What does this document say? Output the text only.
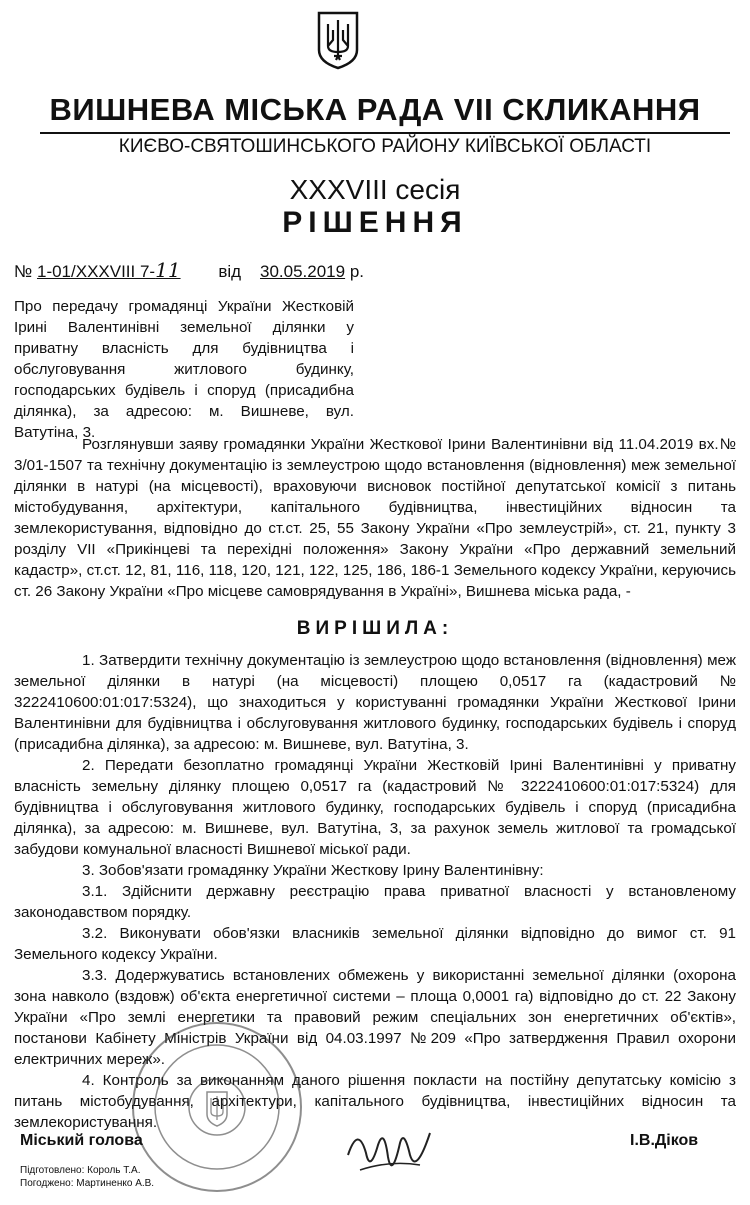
ВИШНЕВА МІСЬКА РАДА VII СКЛИКАННЯ
КИЄВО-СВЯТОШИНСЬКОГО РАЙОНУ КИЇВСЬКОЇ ОБЛАСТІ
XXXVIII сесія
РІШЕННЯ
№ 1-01/XXXVIII 7-11 від 30.05.2019 р.
Про передачу громадянці України Жестковій Ірині Валентинівні земельної ділянки у приватну власність для будівництва і обслуговування житлового будинку, господарських будівель і споруд (присадибна ділянка), за адресою: м. Вишневе, вул. Ватутіна, 3.

Розглянувши заяву громадянки України Жесткової Ірини Валентинівни від 11.04.2019 вх.№ 3/01-1507 та технічну документацію із землеустрою щодо встановлення (відновлення) меж земельної ділянки в натурі (на місцевості), враховуючи висновок постійної депутатської комісії з питань містобудування, архітектури, капітального будівництва, інвестиційних відносин та землекористування, відповідно до ст.ст. 25, 55 Закону України «Про землеустрій», ст. 21, пункту 3 розділу VII «Прикінцеві та перехідні положення» Закону України «Про державний земельний кадастр», ст.ст. 12, 81, 116, 118, 120, 121, 122, 125, 186, 186-1 Земельного кодексу України, керуючись ст. 26 Закону України «Про місцеве самоврядування в Україні», Вишнева міська рада, -

ВИРІШИЛА:

1. Затвердити технічну документацію із землеустрою щодо встановлення (відновлення) меж земельної ділянки в натурі (на місцевості) площею 0,0517 га (кадастровий № 3222410600:01:017:5324), що знаходиться у користуванні громадянки України Жесткової Ірини Валентинівни для будівництва і обслуговування житлового будинку, господарських будівель і споруд (присадибна ділянка), за адресою: м. Вишневе, вул. Ватутіна, 3.

2. Передати безоплатно громадянці України Жестковій Ірині Валентинівні у приватну власність земельну ділянку площею 0,0517 га (кадастровий № 3222410600:01:017:5324) для будівництва і обслуговування житлового будинку, господарських будівель і споруд (присадибна ділянка), за адресою: м. Вишневе, вул. Ватутіна, 3, за рахунок земель житлової та громадської забудови комунальної власності Вишневої міської ради.

3. Зобов'язати громадянку України Жесткову Ірину Валентинівну:

3.1. Здійснити державну реєстрацію права приватної власності у встановленому законодавством порядку.

3.2. Виконувати обов'язки власників земельної ділянки відповідно до вимог ст. 91 Земельного кодексу України.

3.3. Додержуватись встановлених обмежень у використанні земельної ділянки (охорона зона навколо (вздовж) об'єкта енергетичної системи – площа 0,0001 га) відповідно до ст. 22 Закону України «Про землі енергетики та правовий режим спеціальних зон енергетичних об'єктів», постанови Кабінету Міністрів України від 04.03.1997 №209 «Про затвердження Правил охорони електричних мереж».

4. Контроль за виконанням даного рішення покласти на постійну депутатську комісію з питань містобудування, архітектури, капітального будівництва, інвестиційних відносин та землекористування.

Міський голова	І.В.Діков
Підготовлено: Король Т.А.
Погоджено: Мартиненко А.В.
